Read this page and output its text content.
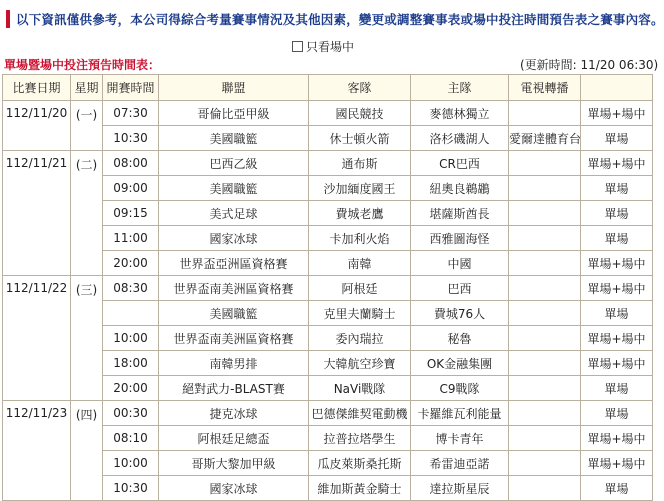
以下資訊僅供參考，本公司得綜合考量賽事情況及其他因素，變更或調整賽事表或場中投注時間預告表之賽事內容。
只看場中
單場暨場中投注預告時間表：	(更新時間: 11/20 06:30)
比賽日期	星期	開賽時間	聯盟	客隊	主隊	電視轉播	
112/11/20	(一)	07:30	哥倫比亞甲級	國民競技	麥德林獨立		單場+場中
		10:30	美國職籃	休士頓火箭	洛杉磯湖人	愛爾達體育台	單場
112/11/21	(二)	08:00	巴西乙級	通布斯	CR巴西		單場+場中
		09:00	美國職籃	沙加緬度國王	紐奧良鵜鶘		單場
		09:15	美式足球	費城老鷹	堪薩斯酋長		單場
		11:00	國家冰球	卡加利火焰	西雅圖海怪		單場
		20:00	世界盃亞洲區資格賽	南韓	中國		單場+場中
112/11/22	(三)	08:30	世界盃南美洲區資格賽	阿根廷	巴西		單場+場中
			美國職籃	克里夫蘭騎士	費城76人		單場
		10:00	世界盃南美洲區資格賽	委內瑞拉	秘魯		單場+場中
		18:00	南韓男排	大韓航空珍寶	OK金融集團		單場+場中
		20:00	絕對武力-BLAST賽	NaVi戰隊	C9戰隊		單場
112/11/23	(四)	00:30	捷克冰球	巴德傑維契電動機	卡羅維瓦利能量		單場
		08:10	阿根廷足總盃	拉普拉塔學生	博卡青年		單場+場中
		10:00	哥斯大黎加甲級	瓜皮萊斯桑托斯	希雷迪亞諾		單場+場中
		10:30	國家冰球	維加斯黃金騎士	達拉斯星辰		單場
